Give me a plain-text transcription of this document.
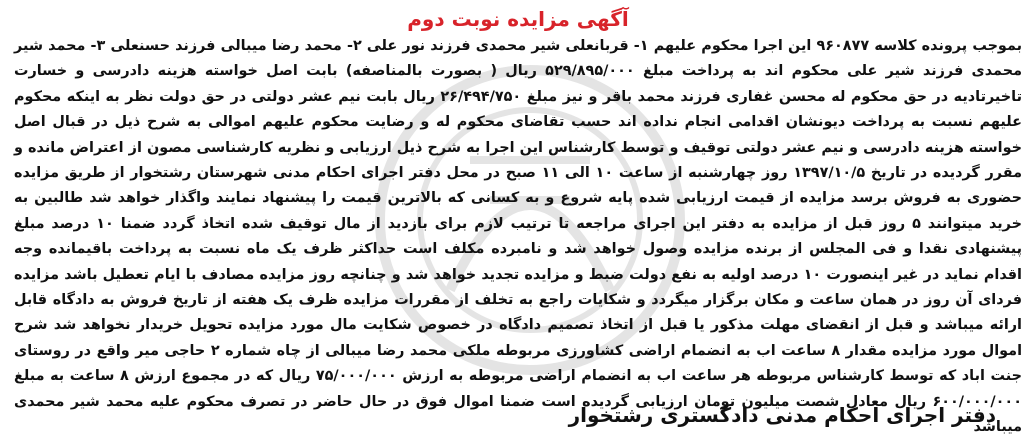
آگهی مزایده نوبت دوم

بموجب پرونده کلاسه ۹۶۰۸۷۷ این اجرا محکوم علیهم ۱- قربانعلی شیر محمدی فرزند نور علی ۲- محمد رضا میبالی فرزند حسنعلی ۳- محمد شیر محمدی فرزند شیر علی محکوم اند به پرداخت مبلغ ۵۲۹/۸۹۵/۰۰۰ ریال ( بصورت بالمناصفه) بابت اصل خواسته هزینه دادرسی و خسارت تاخیرتادیه در حق محکوم له محسن غفاری فرزند محمد باقر و نیز مبلغ ۲۶/۴۹۴/۷۵۰ ریال بابت نیم عشر دولتی در حق دولت نظر به اینکه محکوم علیهم نسبت به پرداخت دیونشان اقدامی انجام نداده اند حسب تقاضای محکوم له و رضایت محکوم علیهم اموالی به شرح ذیل در قبال اصل خواسته هزینه دادرسی و نیم عشر دولتی توقیف و توسط کارشناس این اجرا به شرح ذیل ارزیابی و نظریه کارشناسی مصون از اعتراض مانده و مقرر گردیده در تاریخ ۱۳۹۷/۱۰/۵ روز چهارشنبه از ساعت ۱۰ الی ۱۱ صبح در محل دفتر اجرای احکام مدنی شهرستان رشتخوار از طریق مزایده حضوری به فروش برسد مزایده از قیمت ارزیابی شده پایه شروع و به کسانی که بالاترین قیمت را پیشنهاد نمایند واگذار خواهد شد طالبین به خرید میتوانند ۵ روز قبل از مزایده به دفتر این اجرای مراجعه تا ترتیب لازم برای بازدید از مال توقیف شده اتخاذ گردد ضمنا ۱۰ درصد مبلغ پیشنهادی نقدا و فی المجلس از برنده مزایده وصول خواهد شد و نامبرده مکلف است حداکثر ظرف یک ماه نسبت به پرداخت باقیمانده وجه اقدام نماید در غیر اینصورت ۱۰ درصد اولیه به نفع دولت ضبط و مزایده تجدید خواهد شد و چنانچه روز مزایده مصادف با ایام تعطیل باشد مزایده فردای آن روز در همان ساعت و مکان برگزار میگردد و شکایات راجع به تخلف از مقررات مزایده ظرف یک هفته از تاریخ فروش به دادگاه قابل ارائه میباشد و قبل از انقضای مهلت مذکور یا قبل از اتخاذ تصمیم دادگاه در خصوص شکایت مال مورد مزایده تحویل خریدار نخواهد شد شرح اموال مورد مزایده مقدار ۸ ساعت اب به انضمام اراضی کشاورزی مربوطه ملکی محمد رضا میبالی از چاه شماره ۲ حاجی میر واقع در روستای جنت اباد که توسط کارشناس مربوطه هر ساعت اب به انضمام اراضی مربوطه به ارزش ۷۵/۰۰۰/۰۰۰ ریال که در مجموع ارزش ۸ ساعت به مبلغ ۶۰۰/۰۰۰/۰۰۰ ریال معادل شصت میلیون تومان ارزیابی گردیده است ضمنا اموال فوق در حال حاضر در تصرف محکوم علیه محمد شیر محمدی میباشد

دفتر اجرای احکام مدنی دادگستری رشتخوار
